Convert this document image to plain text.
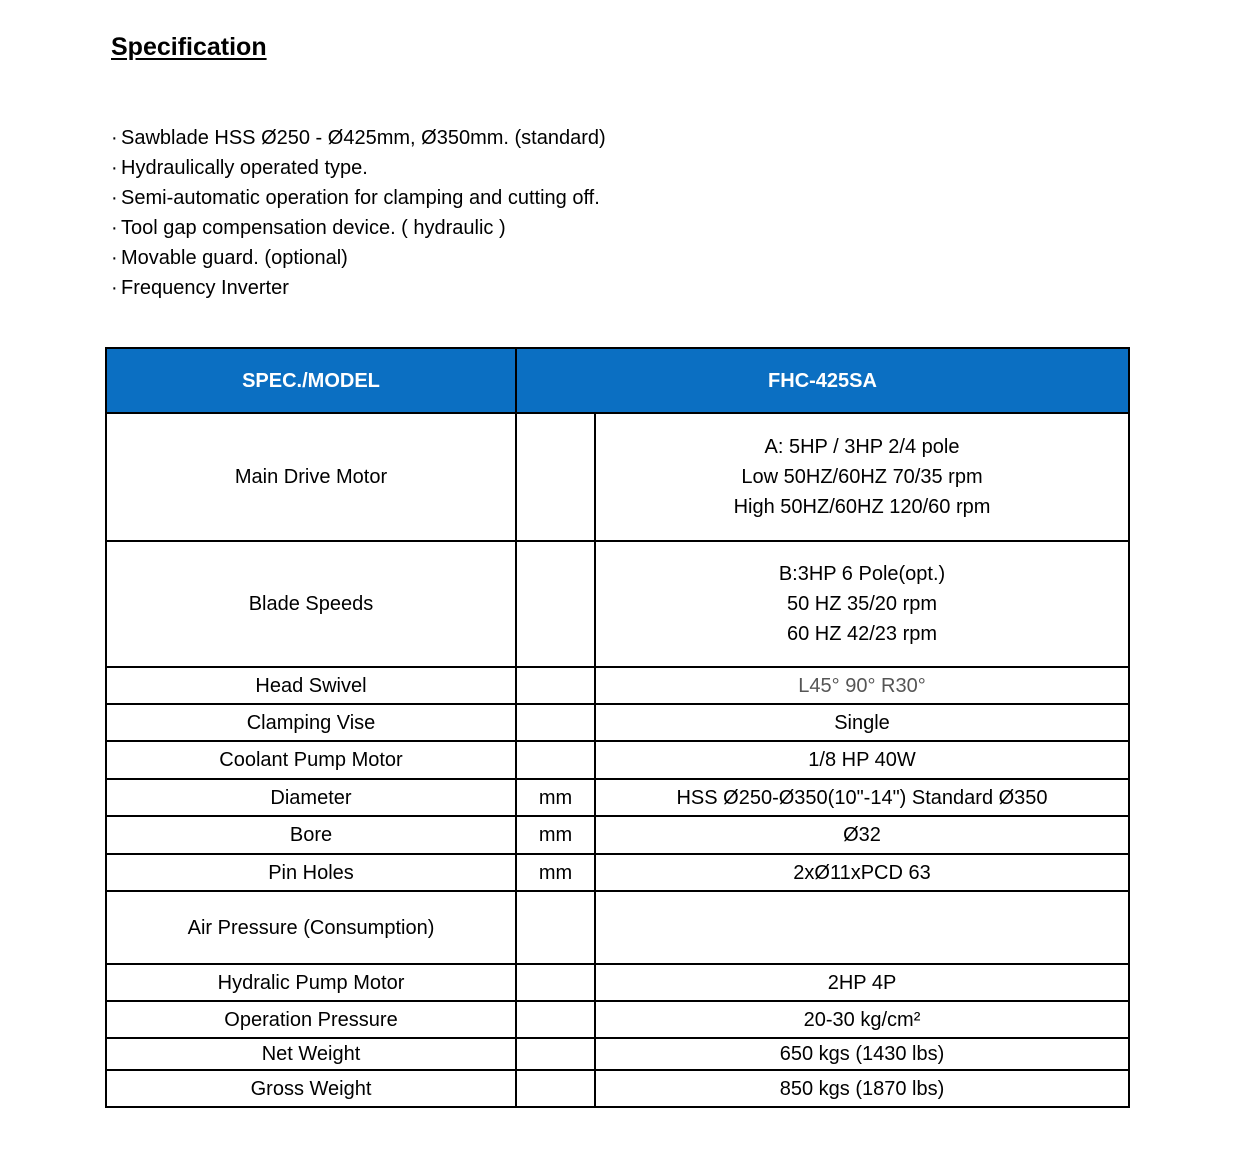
Specification
· Sawblade HSS Ø250 - Ø425mm, Ø350mm. (standard)
· Hydraulically operated type.
· Semi-automatic operation for clamping and cutting off.
· Tool gap compensation device. ( hydraulic )
· Movable guard. (optional)
· Frequency Inverter
SPEC./MODEL	FHC-425SA	
Main Drive Motor		A: 5HP / 3HP 2/4 pole
Low 50HZ/60HZ 70/35 rpm
High 50HZ/60HZ 120/60 rpm

Blade Speeds		B:3HP 6 Pole(opt.)
50 HZ 35/20 rpm
60 HZ 42/23 rpm

Head Swivel		L45° 90° R30°
Clamping Vise		Single
Coolant Pump Motor		1/8 HP 40W
Diameter	mm	HSS Ø250-Ø350(10"-14") Standard Ø350
Bore	mm	Ø32
Pin Holes	mm	2xØ11xPCD 63
Air Pressure (Consumption)		
Hydralic Pump Motor		2HP 4P
Operation Pressure		20-30 kg/cm²
Net Weight		650 kgs (1430 lbs)
Gross Weight		850 kgs (1870 lbs)
